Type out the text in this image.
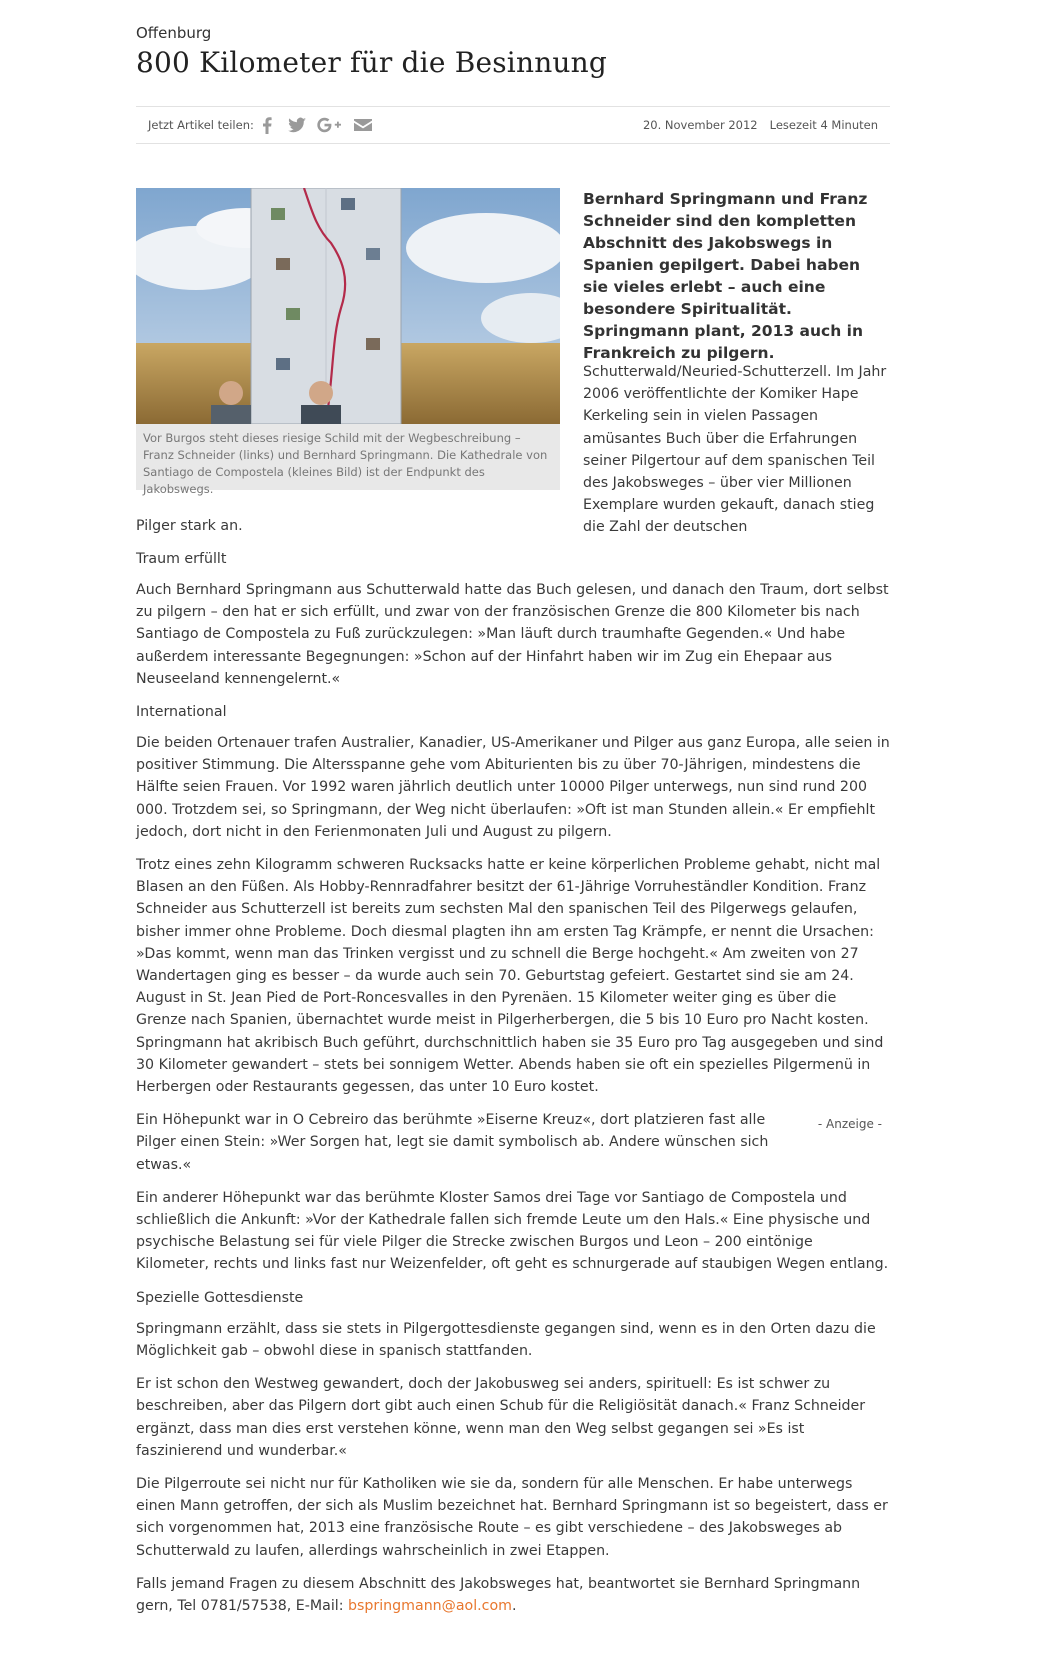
Offenburg
800 Kilometer für die Besinnung
Jetzt Artikel teilen:	20. November 2012 Lesezeit 4 Minuten
Vor Burgos steht dieses riesige Schild mit der Wegbeschreibung – Franz Schneider (links) und Bernhard Springmann. Die Kathedrale von Santiago de Compostela (kleines Bild) ist der Endpunkt des Jakobswegs.

Bernhard Springmann und Franz Schneider sind den kompletten Abschnitt des Jakobswegs in Spanien gepilgert. Dabei haben sie vieles erlebt – auch eine besondere Spiritualität. Springmann plant, 2013 auch in Frankreich zu pilgern.

Schutterwald/Neuried-Schutterzell. Im Jahr 2006 veröffentlichte der Komiker Hape Kerkeling sein in vielen Passagen amüsantes Buch über die Erfahrungen seiner Pilgertour auf dem spanischen Teil des Jakobsweges – über vier Millionen Exemplare wurden gekauft, danach stieg die Zahl der deutschen

Pilger stark an.

Traum erfüllt

Auch Bernhard Springmann aus Schutterwald hatte das Buch gelesen, und danach den Traum, dort selbst zu pilgern – den hat er sich erfüllt, und zwar von der französischen Grenze die 800 Kilometer bis nach Santiago de Compostela zu Fuß zurückzulegen: »Man läuft durch traumhafte Gegenden.« Und habe außerdem interessante Begegnungen: »Schon auf der Hinfahrt haben wir im Zug ein Ehepaar aus Neuseeland kennengelernt.«

International

Die beiden Ortenauer trafen Australier, Kanadier, US-Amerikaner und Pilger aus ganz Europa, alle seien in positiver Stimmung. Die Altersspanne gehe vom Abiturienten bis zu über 70-Jährigen, mindestens die Hälfte seien Frauen. Vor 1992 waren jährlich deutlich unter 10000 Pilger unterwegs, nun sind rund 200 000. Trotzdem sei, so Springmann, der Weg nicht überlaufen: »Oft ist man Stunden allein.« Er empfiehlt jedoch, dort nicht in den Ferienmonaten Juli und August zu pilgern.

Trotz eines zehn Kilogramm schweren Rucksacks hatte er keine körperlichen Probleme gehabt, nicht mal Blasen an den Füßen. Als Hobby-Rennradfahrer besitzt der 61-Jährige Vorruheständler Kondition. Franz Schneider aus Schutterzell ist bereits zum sechsten Mal den spanischen Teil des Pilgerwegs gelaufen, bisher immer ohne Probleme. Doch diesmal plagten ihn am ersten Tag Krämpfe, er nennt die Ursachen: »Das kommt, wenn man das Trinken vergisst und zu schnell die Berge hochgeht.« Am zweiten von 27 Wandertagen ging es besser – da wurde auch sein 70. Geburtstag gefeiert. Gestartet sind sie am 24. August in St. Jean Pied de Port-Roncesvalles in den Pyrenäen. 15 Kilometer weiter ging es über die Grenze nach Spanien, übernachtet wurde meist in Pilgerherbergen, die 5 bis 10 Euro pro Nacht kosten. Springmann hat akribisch Buch geführt, durchschnittlich haben sie 35 Euro pro Tag ausgegeben und sind 30 Kilometer gewandert – stets bei sonnigem Wetter. Abends haben sie oft ein spezielles Pilgermenü in Herbergen oder Restaurants gegessen, das unter 10 Euro kostet.

- Anzeige -
Ein Höhepunkt war in O Cebreiro das berühmte »Eiserne Kreuz«, dort platzieren fast alle Pilger einen Stein: »Wer Sorgen hat, legt sie damit symbolisch ab. Andere wünschen sich etwas.«

Ein anderer Höhepunkt war das berühmte Kloster Samos drei Tage vor Santiago de Compostela und schließlich die Ankunft: »Vor der Kathedrale fallen sich fremde Leute um den Hals.« Eine physische und psychische Belastung sei für viele Pilger die Strecke zwischen Burgos und Leon – 200 eintönige Kilometer, rechts und links fast nur Weizenfelder, oft geht es schnurgerade auf staubigen Wegen entlang.

Spezielle Gottesdienste

Springmann erzählt, dass sie stets in Pilgergottesdienste gegangen sind, wenn es in den Orten dazu die Möglichkeit gab – obwohl diese in spanisch stattfanden.

Er ist schon den Westweg gewandert, doch der Jakobusweg sei anders, spirituell: Es ist schwer zu beschreiben, aber das Pilgern dort gibt auch einen Schub für die Religiösität danach.« Franz Schneider ergänzt, dass man dies erst verstehen könne, wenn man den Weg selbst gegangen sei »Es ist faszinierend und wunderbar.«

Die Pilgerroute sei nicht nur für Katholiken wie sie da, sondern für alle Menschen. Er habe unterwegs einen Mann getroffen, der sich als Muslim bezeichnet hat. Bernhard Springmann ist so begeistert, dass er sich vorgenommen hat, 2013 eine französische Route – es gibt verschiedene – des Jakobsweges ab Schutterwald zu laufen, allerdings wahrscheinlich in zwei Etappen.

Falls jemand Fragen zu diesem Abschnitt des Jakobsweges hat, beantwortet sie Bernhard Springmann gern, Tel 0781/57538, E-Mail: bspringmann@aol.com.
